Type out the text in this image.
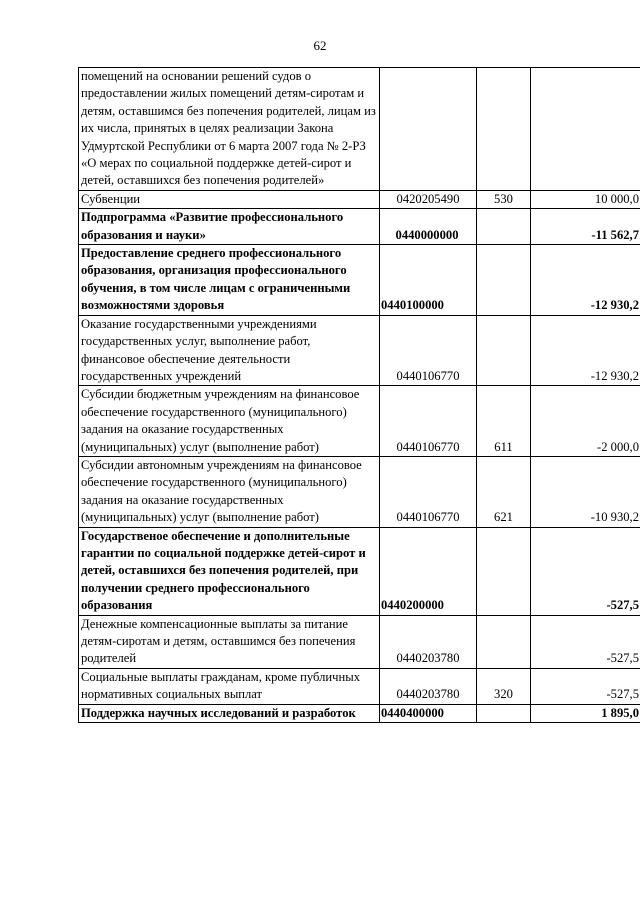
62
помещений на основании решений судов о предоставлении жилых помещений детям-сиротам и детям, оставшимся без попечения родителей, лицам из их числа, принятых в целях реализации Закона Удмуртской Республики от 6 марта 2007 года № 2-РЗ «О мерах по социальной поддержке детей-сирот и детей, оставшихся без попечения родителей»			
Субвенции	0420205490	530	10 000,0
Подпрограмма «Развитие профессионального образования и науки»	0440000000		-11 562,7
Предоставление среднего профессионального образования, организация профессионального обучения, в том числе лицам с ограниченными возможностями здоровья	0440100000		-12 930,2
Оказание государственными учреждениями государственных услуг, выполнение работ, финансовое обеспечение деятельности государственных учреждений	0440106770		-12 930,2
Субсидии бюджетным учреждениям на финансовое обеспечение государственного (муниципального) задания на оказание государственных (муниципальных) услуг (выполнение работ)	0440106770	611	-2 000,0
Субсидии автономным учреждениям на финансовое обеспечение государственного (муниципального) задания на оказание государственных (муниципальных) услуг (выполнение работ)	0440106770	621	-10 930,2
Государственое обеспечение и дополнительные гарантии по социальной поддержке детей-сирот и детей, оставшихся без попечения родителей, при получении среднего профессионального образования	0440200000		-527,5
Денежные компенсационные выплаты за питание детям-сиротам и детям, оставшимся без попечения родителей	0440203780		-527,5
Социальные выплаты гражданам, кроме публичных нормативных социальных выплат	0440203780	320	-527,5
Поддержка научных исследований и разработок	0440400000		1 895,0
